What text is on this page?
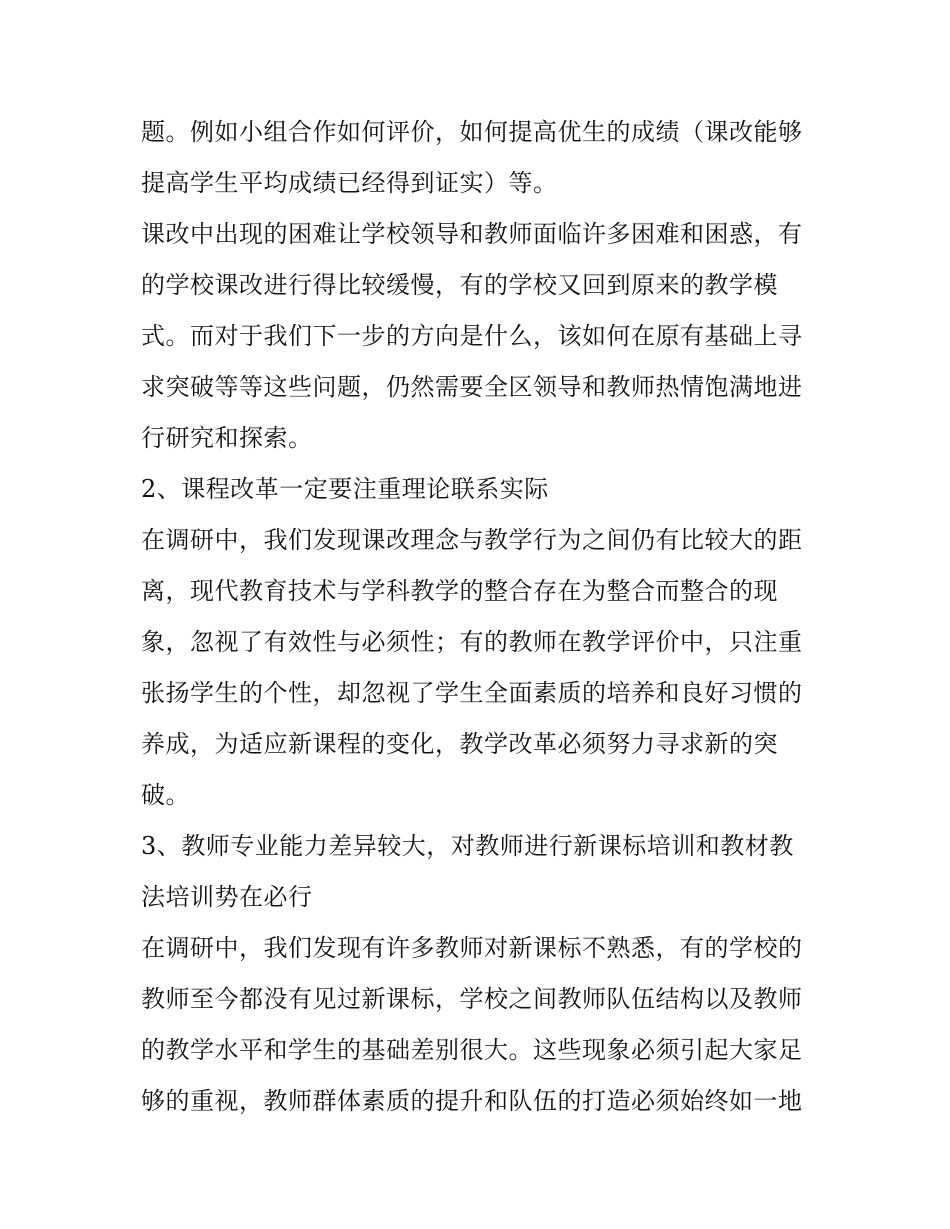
题。例如小组合作如何评价，如何提高优生的成绩（课改能够
提高学生平均成绩已经得到证实）等。
课改中出现的困难让学校领导和教师面临许多困难和困惑，有
的学校课改进行得比较缓慢，有的学校又回到原来的教学模
式。而对于我们下一步的方向是什么，该如何在原有基础上寻
求突破等等这些问题，仍然需要全区领导和教师热情饱满地进
行研究和探索。
2、课程改革一定要注重理论联系实际
在调研中，我们发现课改理念与教学行为之间仍有比较大的距
离，现代教育技术与学科教学的整合存在为整合而整合的现
象，忽视了有效性与必须性；有的教师在教学评价中，只注重
张扬学生的个性，却忽视了学生全面素质的培养和良好习惯的
养成，为适应新课程的变化，教学改革必须努力寻求新的突
破。
3、教师专业能力差异较大，对教师进行新课标培训和教材教
法培训势在必行
在调研中，我们发现有许多教师对新课标不熟悉，有的学校的
教师至今都没有见过新课标，学校之间教师队伍结构以及教师
的教学水平和学生的基础差别很大。这些现象必须引起大家足
够的重视，教师群体素质的提升和队伍的打造必须始终如一地
